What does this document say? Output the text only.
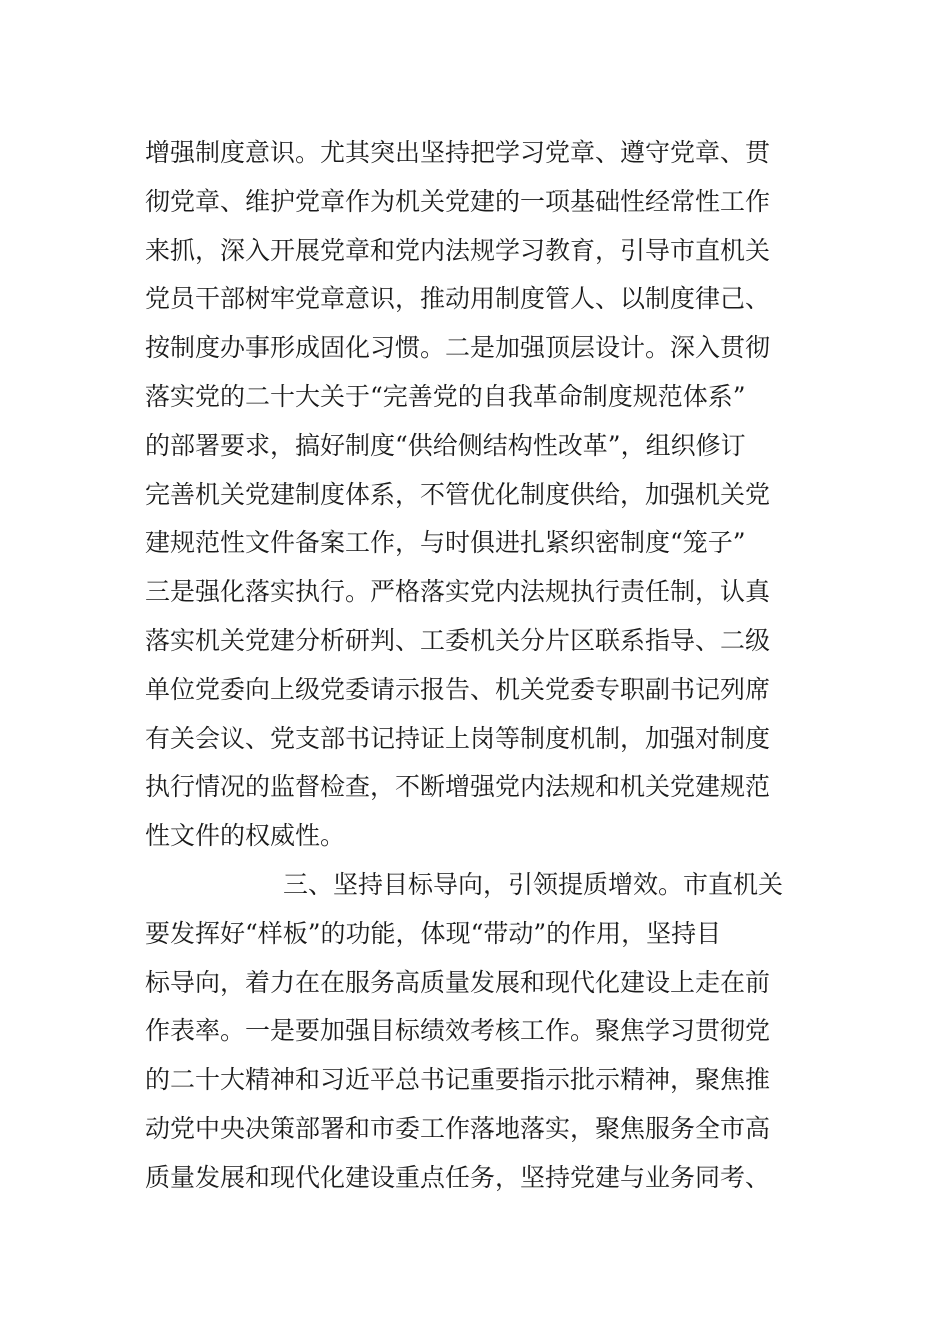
增强制度意识。尤其突出坚持把学习党章、遵守党章、贯
彻党章、维护党章作为机关党建的一项基础性经常性工作
来抓，深入开展党章和党内法规学习教育，引导市直机关
党员干部树牢党章意识，推动用制度管人、以制度律己、
按制度办事形成固化习惯。二是加强顶层设计。深入贯彻
落实党的二十大关于“完善党的自我革命制度规范体系”
的部署要求，搞好制度“供给侧结构性改革”，组织修订
完善机关党建制度体系，不管优化制度供给，加强机关党
建规范性文件备案工作，与时俱进扎紧织密制度“笼子”
三是强化落实执行。严格落实党内法规执行责任制，认真
落实机关党建分析研判、工委机关分片区联系指导、二级
单位党委向上级党委请示报告、机关党委专职副书记列席
有关会议、党支部书记持证上岗等制度机制，加强对制度
执行情况的监督检查，不断增强党内法规和机关党建规范
性文件的权威性。
三、坚持目标导向，引领提质增效。市直机关
要发挥好“样板”的功能，体现“带动”的作用，坚持目
标导向，着力在在服务高质量发展和现代化建设上走在前
作表率。一是要加强目标绩效考核工作。聚焦学习贯彻党
的二十大精神和习近平总书记重要指示批示精神，聚焦推
动党中央决策部署和市委工作落地落实，聚焦服务全市高
质量发展和现代化建设重点任务，坚持党建与业务同考、
